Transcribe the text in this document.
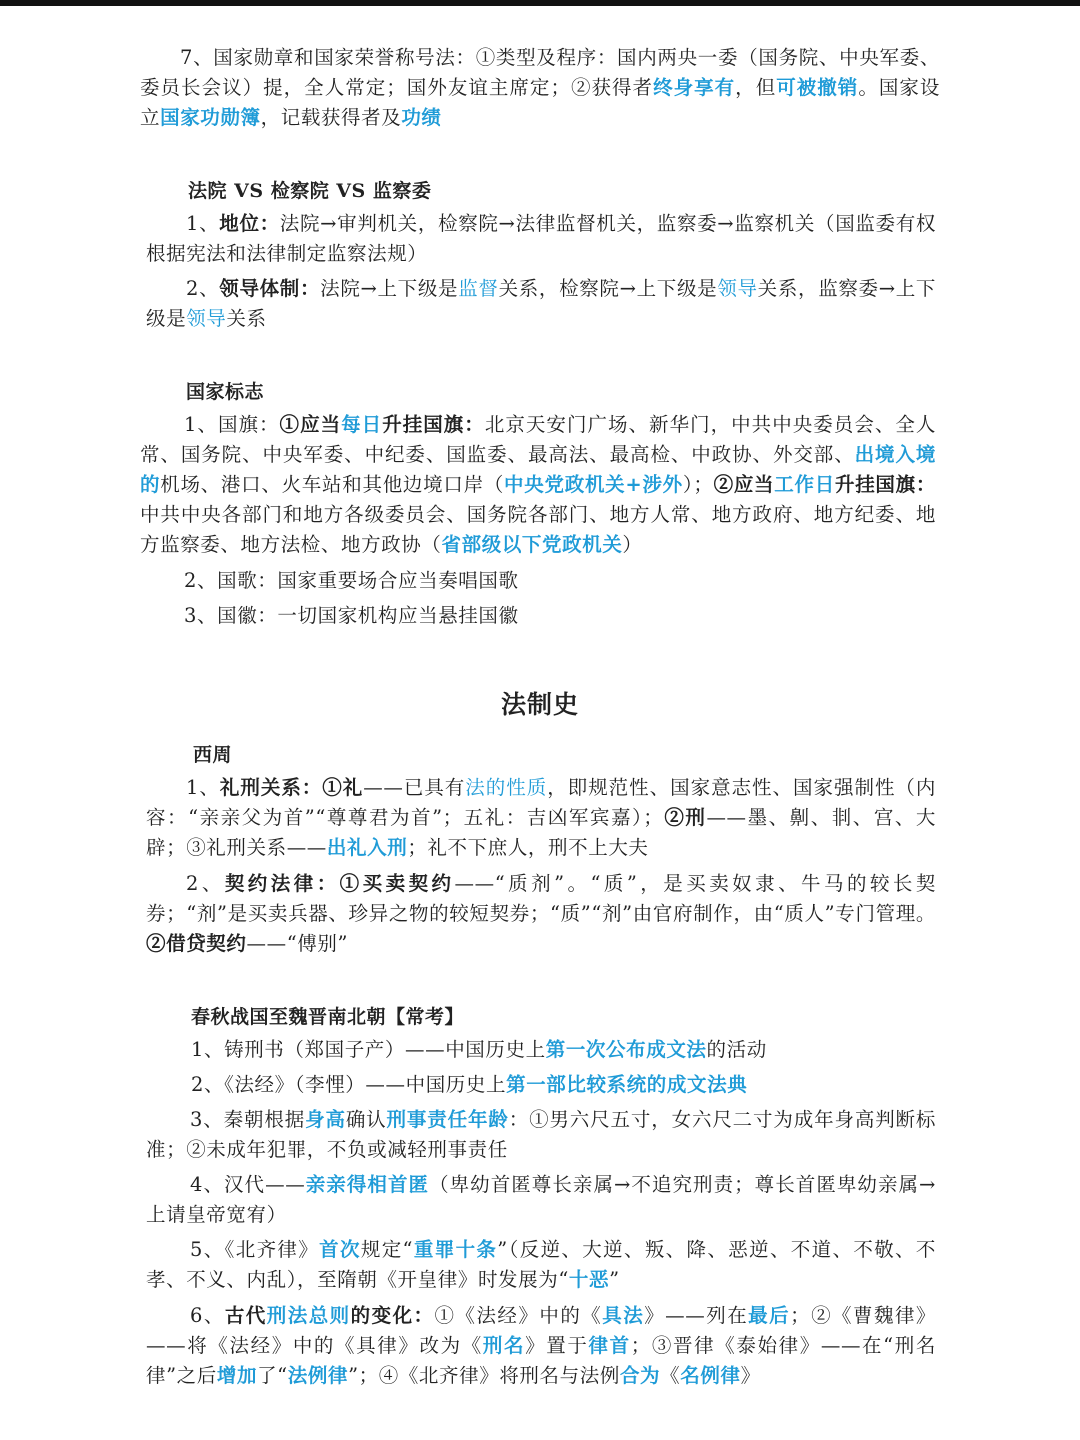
7、国家勋章和国家荣誉称号法：①类型及程序：国内两央一委（国务院、中央军委、委员长会议）提，全人常定；国外友谊主席定；②获得者终身享有，但可被撤销。国家设立国家功勋簿，记载获得者及功绩

法院 VS 检察院 VS 监察委

1、地位：法院→审判机关，检察院→法律监督机关，监察委→监察机关（国监委有权根据宪法和法律制定监察法规）

2、领导体制：法院→上下级是监督关系，检察院→上下级是领导关系，监察委→上下级是领导关系

国家标志

1、国旗：①应当每日升挂国旗：北京天安门广场、新华门，中共中央委员会、全人常、国务院、中央军委、中纪委、国监委、最高法、最高检、中政协、外交部、出境入境的机场、港口、火车站和其他边境口岸（中央党政机关+涉外）；②应当工作日升挂国旗：中共中央各部门和地方各级委员会、国务院各部门、地方人常、地方政府、地方纪委、地方监察委、地方法检、地方政协（省部级以下党政机关）

2、国歌：国家重要场合应当奏唱国歌

3、国徽：一切国家机构应当悬挂国徽

法制史
西周

1、礼刑关系：①礼——已具有法的性质，即规范性、国家意志性、国家强制性（内容：“亲亲父为首”“尊尊君为首”；五礼：吉凶军宾嘉）；②刑——墨、劓、剕、宫、大辟；③礼刑关系——出礼入刑；礼不下庶人，刑不上大夫

2、契约法律：①买卖契约——“质剂”。“质”，是买卖奴隶、牛马的较长契券；“剂”是买卖兵器、珍异之物的较短契券；“质”“剂”由官府制作，由“质人”专门管理。②借贷契约——“傅别”

春秋战国至魏晋南北朝【常考】

1、铸刑书（郑国子产）——中国历史上第一次公布成文法的活动

2、《法经》（李悝）——中国历史上第一部比较系统的成文法典

3、秦朝根据身高确认刑事责任年龄：①男六尺五寸，女六尺二寸为成年身高判断标准；②未成年犯罪，不负或减轻刑事责任

4、汉代——亲亲得相首匿（卑幼首匿尊长亲属→不追究刑责；尊长首匿卑幼亲属→上请皇帝宽宥）

5、《北齐律》首次规定“重罪十条”（反逆、大逆、叛、降、恶逆、不道、不敬、不孝、不义、内乱），至隋朝《开皇律》时发展为“十恶”

6、古代刑法总则的变化：①《法经》中的《具法》——列在最后；②《曹魏律》——将《法经》中的《具律》改为《刑名》置于律首；③晋律《泰始律》——在“刑名律”之后增加了“法例律”；④《北齐律》将刑名与法例合为《名例律》
